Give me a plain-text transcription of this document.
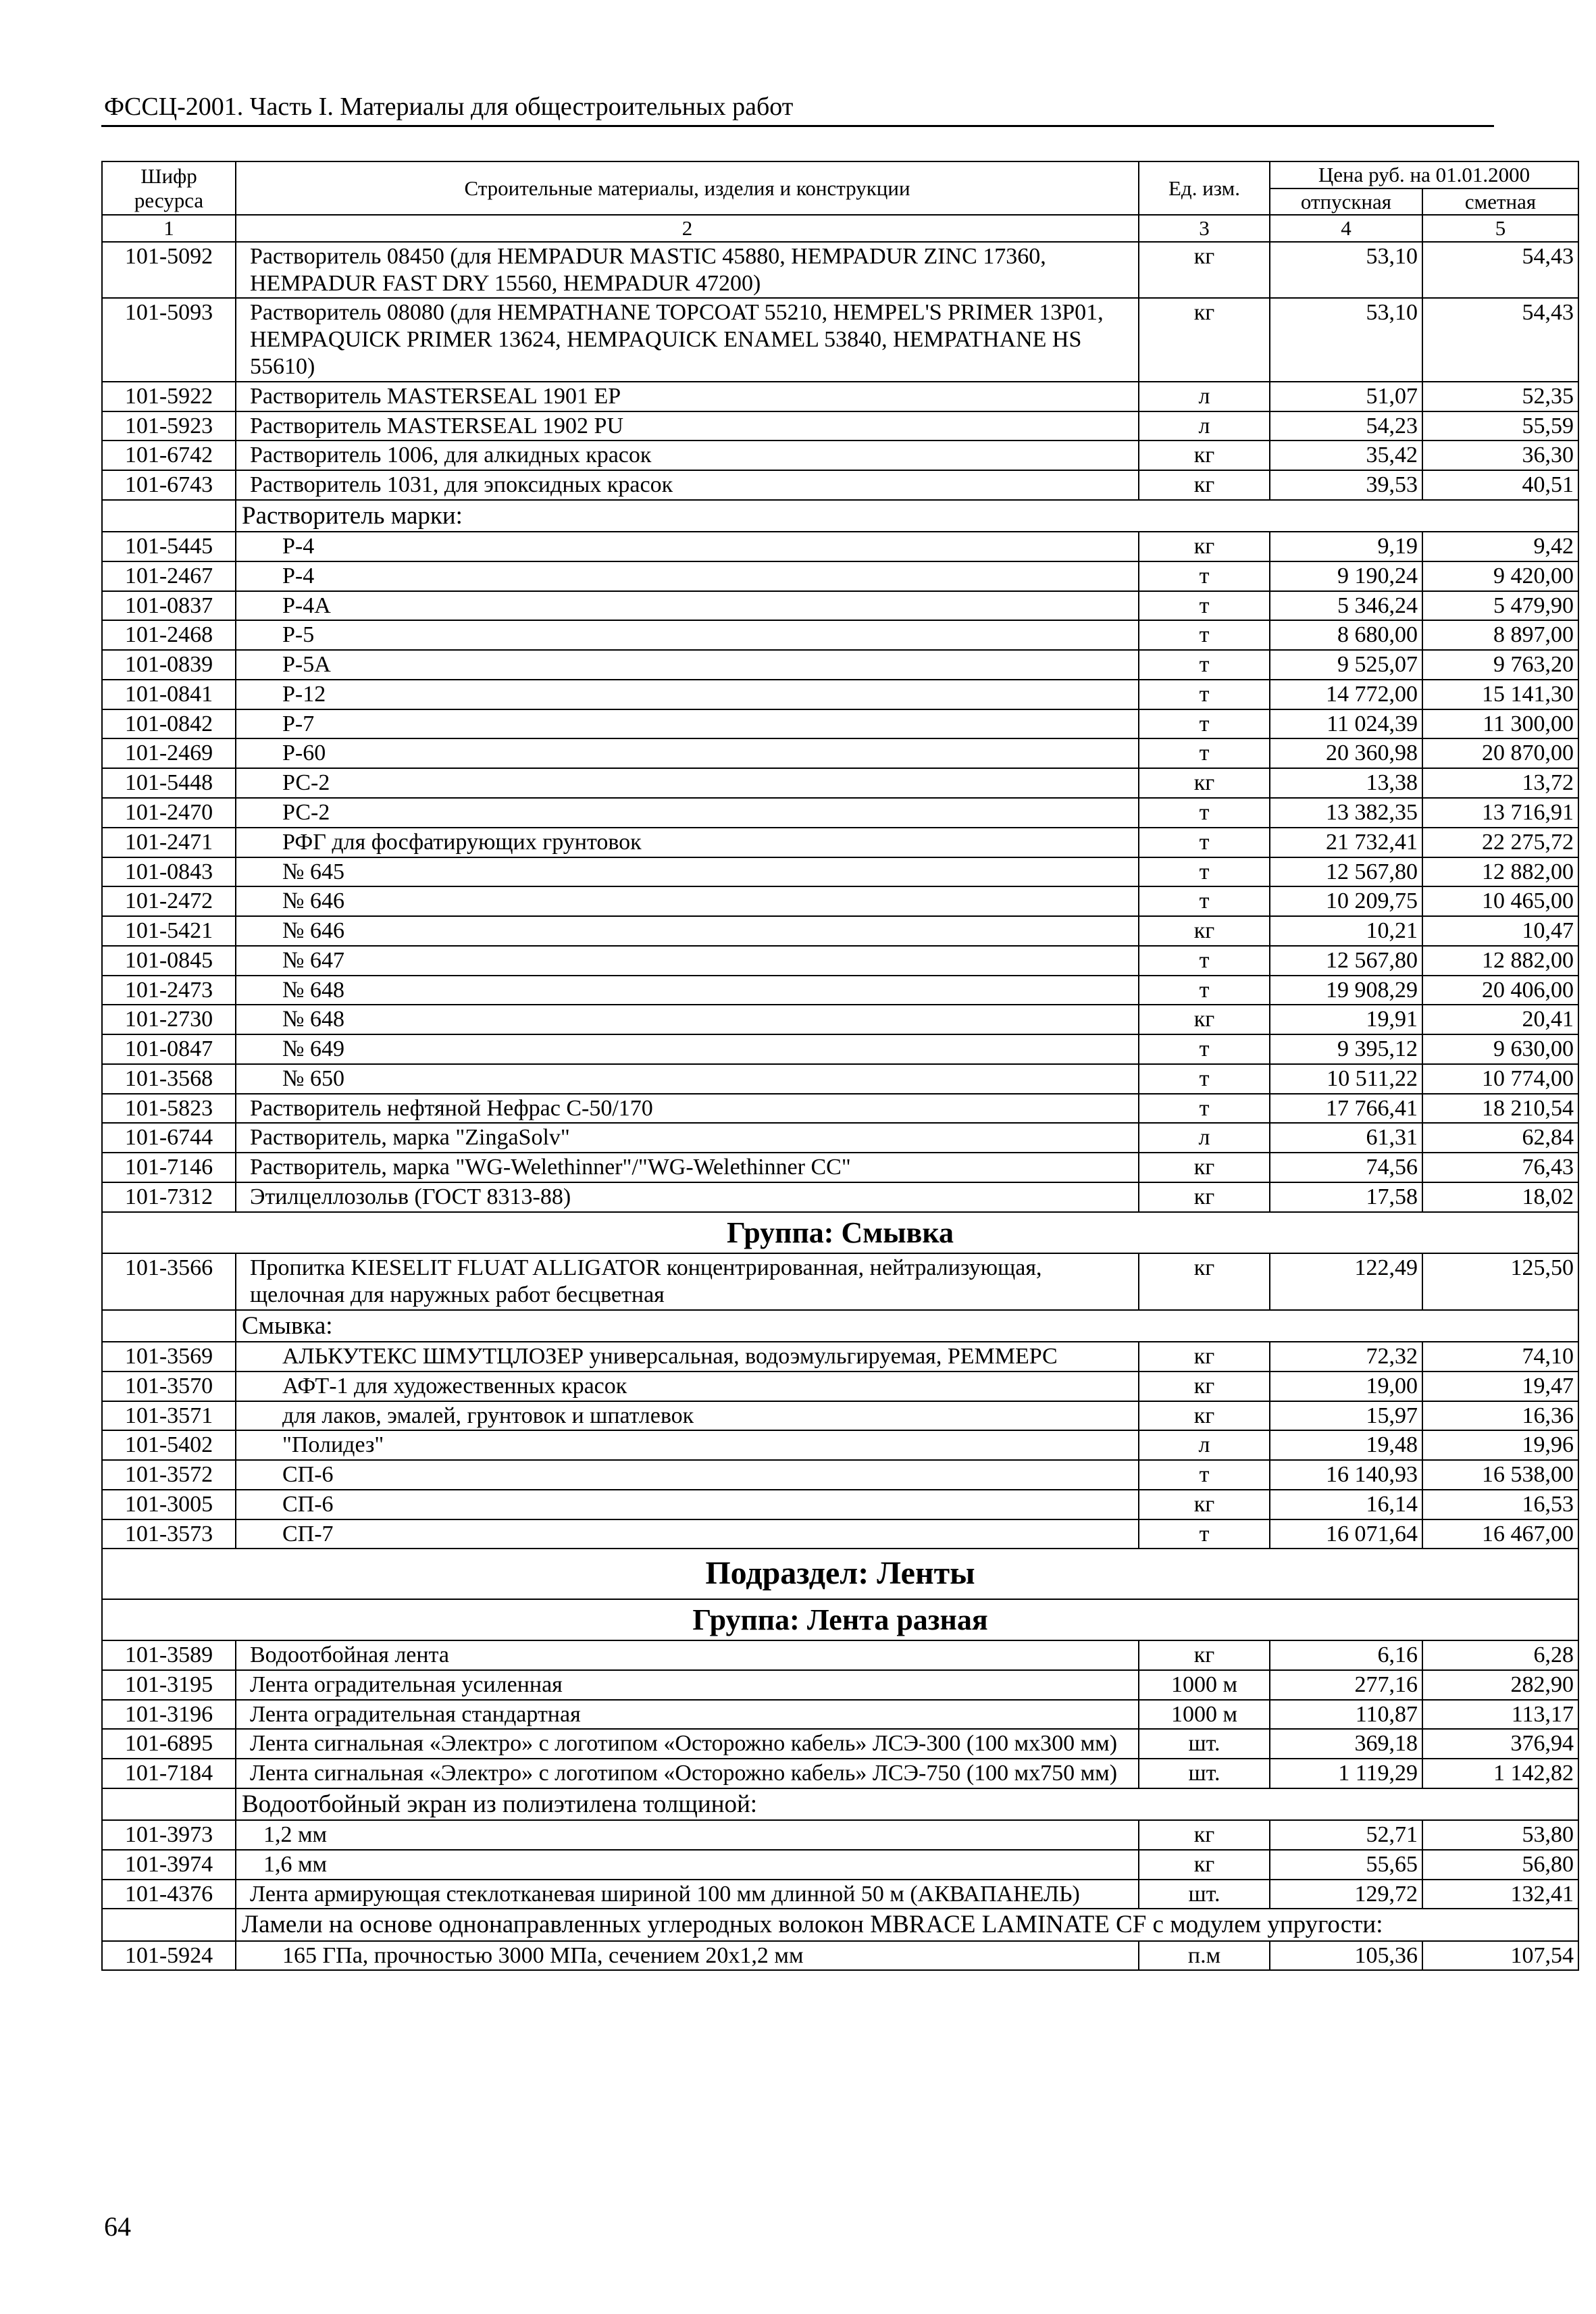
ФССЦ-2001. Часть I. Материалы для общестроительных работ
Шифр ресурса	Строительные материалы, изделия и конструкции	Ед. изм.	Цена руб. на 01.01.2000	
			отпускная	сметная
1	2	3	4	5
101-5092	Растворитель 08450 (для HEMPADUR MASTIC 45880, HEMPADUR ZINC 17360, HEMPADUR FAST DRY 15560, HEMPADUR 47200)	кг	53,10	54,43
101-5093	Растворитель 08080 (для HEMPATHANE TOPCOAT 55210, HEMPEL'S PRIMER 13P01, HEMPAQUICK PRIMER 13624, HEMPAQUICK ENAMEL 53840, HEMPATHANE HS 55610)	кг	53,10	54,43
101-5922	Растворитель MASTERSEAL 1901 EP	л	51,07	52,35
101-5923	Растворитель MASTERSEAL 1902 PU	л	54,23	55,59
101-6742	Растворитель 1006, для алкидных красок	кг	35,42	36,30
101-6743	Растворитель 1031, для эпоксидных красок	кг	39,53	40,51
	Растворитель марки:			
101-5445	Р-4	кг	9,19	9,42
101-2467	Р-4	т	9 190,24	9 420,00
101-0837	Р-4А	т	5 346,24	5 479,90
101-2468	Р-5	т	8 680,00	8 897,00
101-0839	Р-5А	т	9 525,07	9 763,20
101-0841	Р-12	т	14 772,00	15 141,30
101-0842	Р-7	т	11 024,39	11 300,00
101-2469	Р-60	т	20 360,98	20 870,00
101-5448	РС-2	кг	13,38	13,72
101-2470	РС-2	т	13 382,35	13 716,91
101-2471	РФГ для фосфатирующих грунтовок	т	21 732,41	22 275,72
101-0843	№ 645	т	12 567,80	12 882,00
101-2472	№ 646	т	10 209,75	10 465,00
101-5421	№ 646	кг	10,21	10,47
101-0845	№ 647	т	12 567,80	12 882,00
101-2473	№ 648	т	19 908,29	20 406,00
101-2730	№ 648	кг	19,91	20,41
101-0847	№ 649	т	9 395,12	9 630,00
101-3568	№ 650	т	10 511,22	10 774,00
101-5823	Растворитель нефтяной Нефрас С-50/170	т	17 766,41	18 210,54
101-6744	Растворитель, марка "ZingaSolv"	л	61,31	62,84
101-7146	Растворитель, марка "WG-Welethinner"/"WG-Welethinner CC"	кг	74,56	76,43
101-7312	Этилцеллозольв (ГОСТ 8313-88)	кг	17,58	18,02
Группа: Смывка				
101-3566	Пропитка KIESELIT FLUAT ALLIGATOR концентрированная, нейтрализующая, щелочная для наружных работ бесцветная	кг	122,49	125,50
	Смывка:			
101-3569	АЛЬКУТЕКС ШМУТЦЛОЗЕР универсальная, водоэмульгируемая, РЕММЕРС	кг	72,32	74,10
101-3570	АФТ-1 для художественных красок	кг	19,00	19,47
101-3571	для лаков, эмалей, грунтовок и шпатлевок	кг	15,97	16,36
101-5402	"Полидез"	л	19,48	19,96
101-3572	СП-6	т	16 140,93	16 538,00
101-3005	СП-6	кг	16,14	16,53
101-3573	СП-7	т	16 071,64	16 467,00
Подраздел: Ленты				
Группа: Лента разная				
101-3589	Водоотбойная лента	кг	6,16	6,28
101-3195	Лента оградительная усиленная	1000 м	277,16	282,90
101-3196	Лента оградительная стандартная	1000 м	110,87	113,17
101-6895	Лента сигнальная «Электро» с логотипом «Осторожно кабель» ЛСЭ-300 (100 мх300 мм)	шт.	369,18	376,94
101-7184	Лента сигнальная «Электро» с логотипом «Осторожно кабель» ЛСЭ-750 (100 мх750 мм)	шт.	1 119,29	1 142,82
	Водоотбойный экран из полиэтилена толщиной:			
101-3973	1,2 мм	кг	52,71	53,80
101-3974	1,6 мм	кг	55,65	56,80
101-4376	Лента армирующая стеклотканевая шириной 100 мм длинной 50 м (АКВАПАНЕЛЬ)	шт.	129,72	132,41
	Ламели на основе однонаправленных углеродных волокон MBRACE LAMINATE CF с модулем упругости:			
101-5924	165 ГПа, прочностью 3000 МПа, сечением 20х1,2 мм	п.м	105,36	107,54
64
